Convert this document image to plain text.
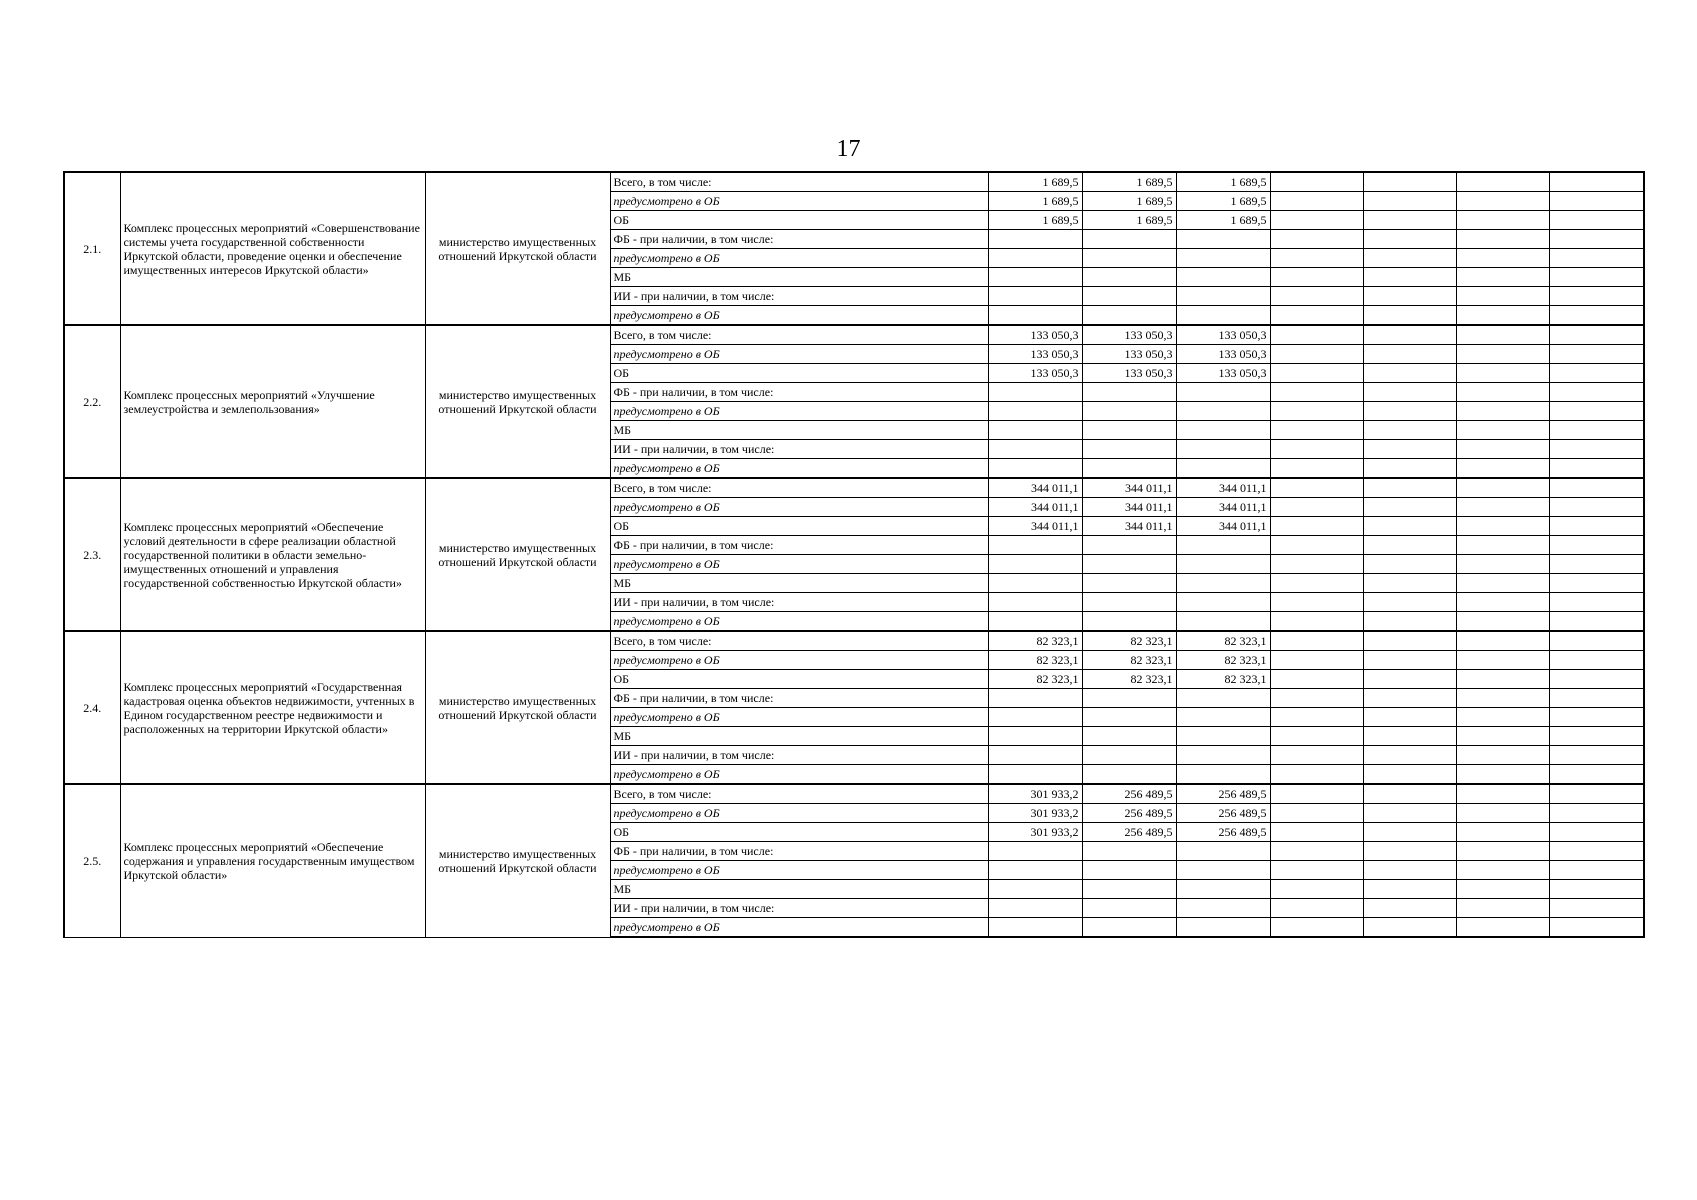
17
2.1.	Комплекс процессных мероприятий «Совершенствование системы учета государственной собственности Иркутской области, проведение оценки и обеспечение имущественных интересов Иркутской области»	министерство имущественных отношений Иркутской области	Всего, в том числе:	1 689,5	1 689,5	1 689,5				
			предусмотрено в ОБ	1 689,5	1 689,5	1 689,5				
			ОБ	1 689,5	1 689,5	1 689,5				
			ФБ - при наличии, в том числе:							
			предусмотрено в ОБ							
			МБ							
			ИИ - при наличии, в том числе:							
			предусмотрено в ОБ							
2.2.	Комплекс процессных мероприятий «Улучшение землеустройства и землепользования»	министерство имущественных отношений Иркутской области	Всего, в том числе:	133 050,3	133 050,3	133 050,3				
			предусмотрено в ОБ	133 050,3	133 050,3	133 050,3				
			ОБ	133 050,3	133 050,3	133 050,3				
			ФБ - при наличии, в том числе:							
			предусмотрено в ОБ							
			МБ							
			ИИ - при наличии, в том числе:							
			предусмотрено в ОБ							
2.3.	Комплекс процессных мероприятий «Обеспечение условий деятельности в сфере реализации областной государственной политики в области земельно-имущественных отношений и управления государственной собственностью Иркутской области»	министерство имущественных отношений Иркутской области	Всего, в том числе:	344 011,1	344 011,1	344 011,1				
			предусмотрено в ОБ	344 011,1	344 011,1	344 011,1				
			ОБ	344 011,1	344 011,1	344 011,1				
			ФБ - при наличии, в том числе:							
			предусмотрено в ОБ							
			МБ							
			ИИ - при наличии, в том числе:							
			предусмотрено в ОБ							
2.4.	Комплекс процессных мероприятий «Государственная кадастровая оценка объектов недвижимости, учтенных в Едином государственном реестре недвижимости и расположенных на территории Иркутской области»	министерство имущественных отношений Иркутской области	Всего, в том числе:	82 323,1	82 323,1	82 323,1				
			предусмотрено в ОБ	82 323,1	82 323,1	82 323,1				
			ОБ	82 323,1	82 323,1	82 323,1				
			ФБ - при наличии, в том числе:							
			предусмотрено в ОБ							
			МБ							
			ИИ - при наличии, в том числе:							
			предусмотрено в ОБ							
2.5.	Комплекс процессных мероприятий «Обеспечение содержания и управления государственным имуществом Иркутской области»	министерство имущественных отношений Иркутской области	Всего, в том числе:	301 933,2	256 489,5	256 489,5				
			предусмотрено в ОБ	301 933,2	256 489,5	256 489,5				
			ОБ	301 933,2	256 489,5	256 489,5				
			ФБ - при наличии, в том числе:							
			предусмотрено в ОБ							
			МБ							
			ИИ - при наличии, в том числе:							
			предусмотрено в ОБ							
